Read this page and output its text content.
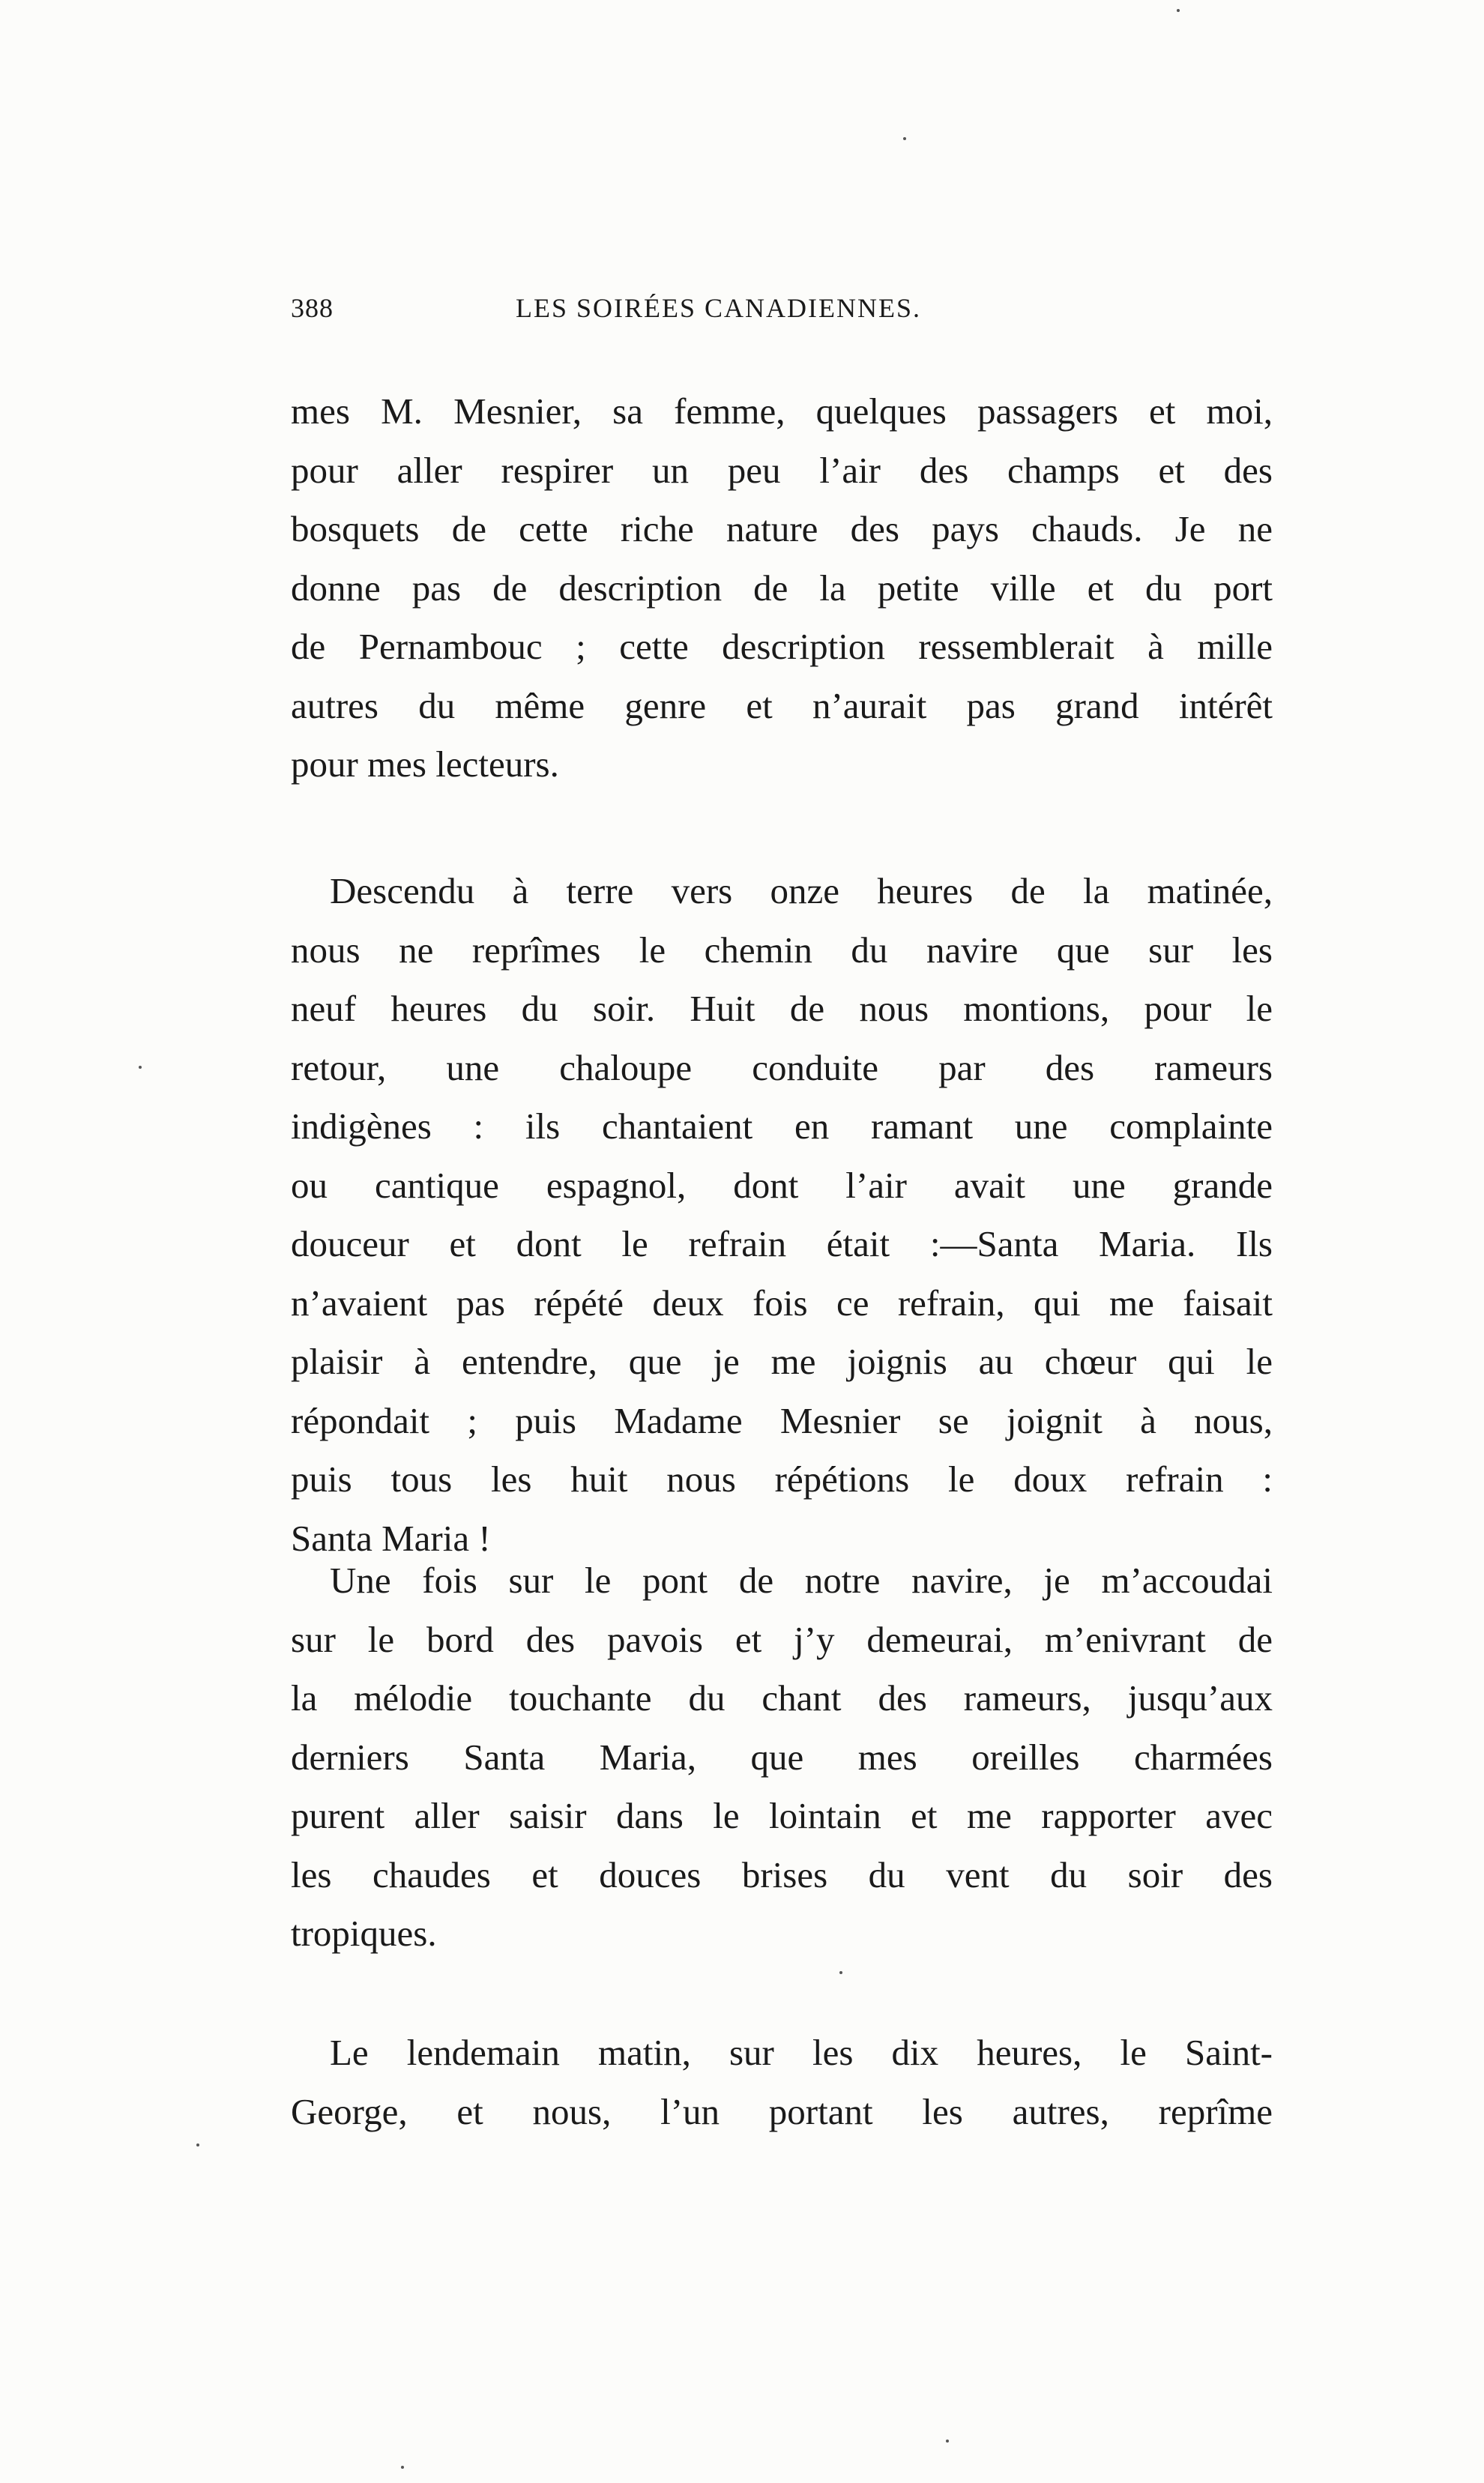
388	LES SOIRÉES CANADIENNES.
mes M. Mesnier, sa femme, quelques passagers et moi,
pour aller respirer un peu l’air des champs et des
bosquets de cette riche nature des pays chauds. Je ne
donne pas de description de la petite ville et du port
de Pernambouc ; cette description ressemblerait à mille
autres du même genre et n’aurait pas grand intérêt
pour mes lecteurs.
Descendu à terre vers onze heures de la matinée,
nous ne reprîmes le chemin du navire que sur les
neuf heures du soir. Huit de nous montions, pour le
retour, une chaloupe conduite par des rameurs
indigènes : ils chantaient en ramant une complainte
ou cantique espagnol, dont l’air avait une grande
douceur et dont le refrain était :—Santa Maria. Ils
n’avaient pas répété deux fois ce refrain, qui me faisait
plaisir à entendre, que je me joignis au chœur qui le
répondait ; puis Madame Mesnier se joignit à nous,
puis tous les huit nous répétions le doux refrain :
Santa Maria !
Une fois sur le pont de notre navire, je m’accoudai
sur le bord des pavois et j’y demeurai, m’enivrant de
la mélodie touchante du chant des rameurs, jusqu’aux
derniers Santa Maria, que mes oreilles charmées
purent aller saisir dans le lointain et me rapporter avec
les chaudes et douces brises du vent du soir des
tropiques.
Le lendemain matin, sur les dix heures, le Saint-
George, et nous, l’un portant les autres, reprîme
